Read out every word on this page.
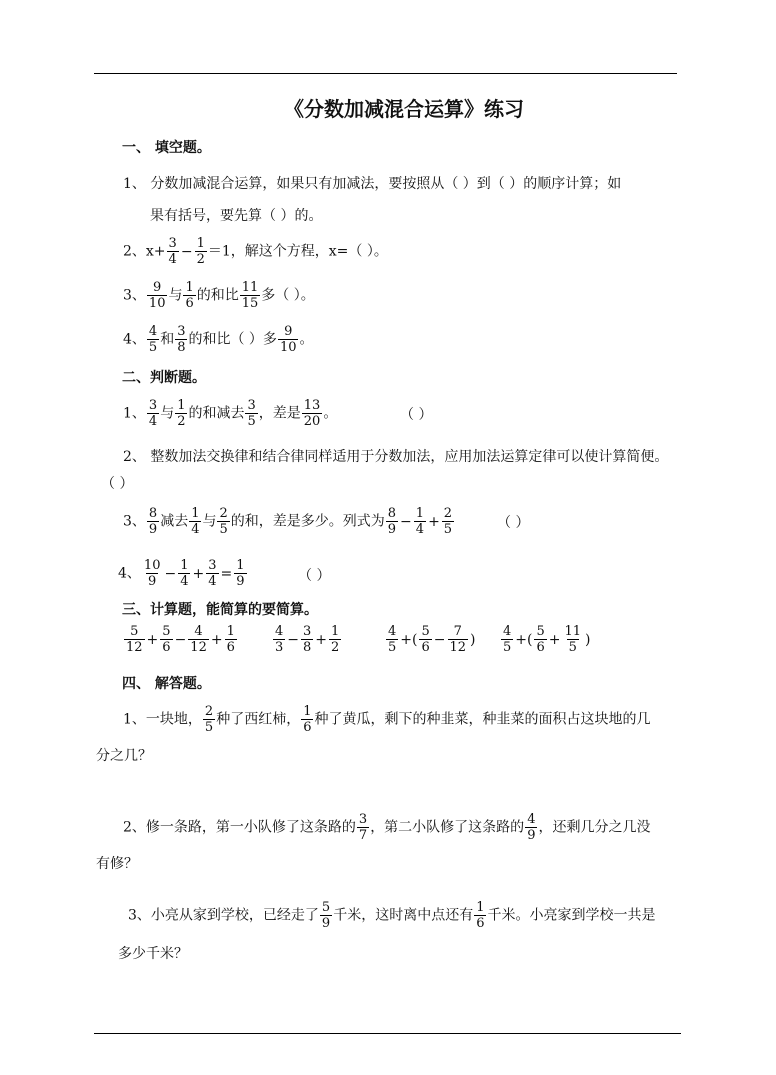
《分数加减混合运算》练习
一、 填空题。
1、 分数加减混合运算，如果只有加减法，要按照从（ ）到（ ）的顺序计算；如
果有括号，要先算（ ）的。
2、$x+ \frac{3}{4} - \frac{1}{2} =1$，解这个方程，x=（ ）。
3、 $\frac{9}{10}$ 与 $\frac{1}{6}$ 的和比 $\frac{11}{15}$ 多（ ）。
4、 $\frac{4}{5}$ 和 $\frac{3}{8}$ 的和比（ ）多 $\frac{9}{10}$ 。
二、判断题。
1、 $\frac{3}{4}$ 与 $\frac{1}{2}$ 的和减去 $\frac{3}{5}$ ，差是 $\frac{13}{20}$ 。	（ ）
2、 整数加法交换律和结合律同样适用于分数加法，应用加法运算定律可以使计算简便。
（ ）
3、 $\frac{8}{9}$ 减去 $\frac{1}{4}$ 与 $\frac{2}{5}$ 的和，差是多少。列式为 $\frac{8}{9} - \frac{1}{4} + \frac{2}{5}$	（ ）
4、 $\frac{10}{9} - \frac{1}{4} + \frac{3}{4} = \frac{1}{9}$	（ ）
三、计算题，能简算的要简算。
$\frac{5}{12} + \frac{5}{6} - \frac{4}{12} + \frac{1}{6}$	$\frac{4}{3} - \frac{3}{8} + \frac{1}{2}$	$\frac{4}{5}$ +( $\frac{5}{6} - \frac{7}{12}$ ) $\frac{4}{5}$ +( $\frac{5}{6} + \frac{11}{5}$ )
四、 解答题。
1、一块地， $\frac{2}{5}$ 种了西红柿， $\frac{1}{6}$ 种了黄瓜，剩下的种韭菜，种韭菜的面积占这块地的几
分之几？
2、修一条路，第一小队修了这条路的 $\frac{3}{7}$ ，第二小队修了这条路的 $\frac{4}{9}$ ，还剩几分之几没
有修？
3、小亮从家到学校，已经走了 $\frac{5}{9}$ 千米，这时离中点还有 $\frac{1}{6}$ 千米。小亮家到学校一共是
多少千米？
